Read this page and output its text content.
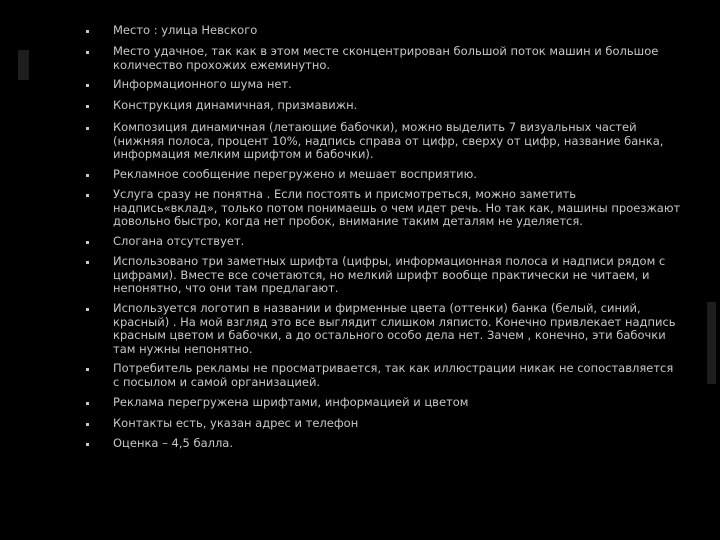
Место : улица Невского
Место удачное, так как в этом месте сконцентрирован большой поток машин и большое количество прохожих ежеминутно.
Информационного шума нет.
Конструкция динамичная, призмавижн.
Композиция динамичная (летающие бабочки), можно выделить 7 визуальных частей (нижняя полоса, процент 10%, надпись справа от цифр, сверху от цифр, название банка, информация мелким шрифтом и бабочки).
Рекламное сообщение перегружено и мешает восприятию.
Услуга сразу не понятна . Если постоять и присмотреться, можно заметить надпись«вклад», только потом понимаешь о чем идет речь. Но так как, машины проезжают довольно быстро, когда нет пробок, внимание таким деталям не уделяется.
Слогана отсутствует.
Использовано три заметных шрифта (цифры, информационная полоса и надписи рядом с цифрами). Вместе все сочетаются, но мелкий шрифт вообще практически не читаем, и непонятно, что они там предлагают.
Используется логотип в названии и фирменные цвета (оттенки) банка (белый, синий, красный) . На мой взгляд это все выглядит слишком ляписто. Конечно привлекает надпись красным цветом и бабочки, а до остального особо дела нет. Зачем , конечно, эти бабочки там нужны непонятно.
Потребитель рекламы не просматривается, так как иллюстрации никак не сопоставляется с посылом и самой организацией.
Реклама перегружена шрифтами, информацией и цветом
Контакты есть, указан адрес и телефон
Оценка – 4,5 балла.
